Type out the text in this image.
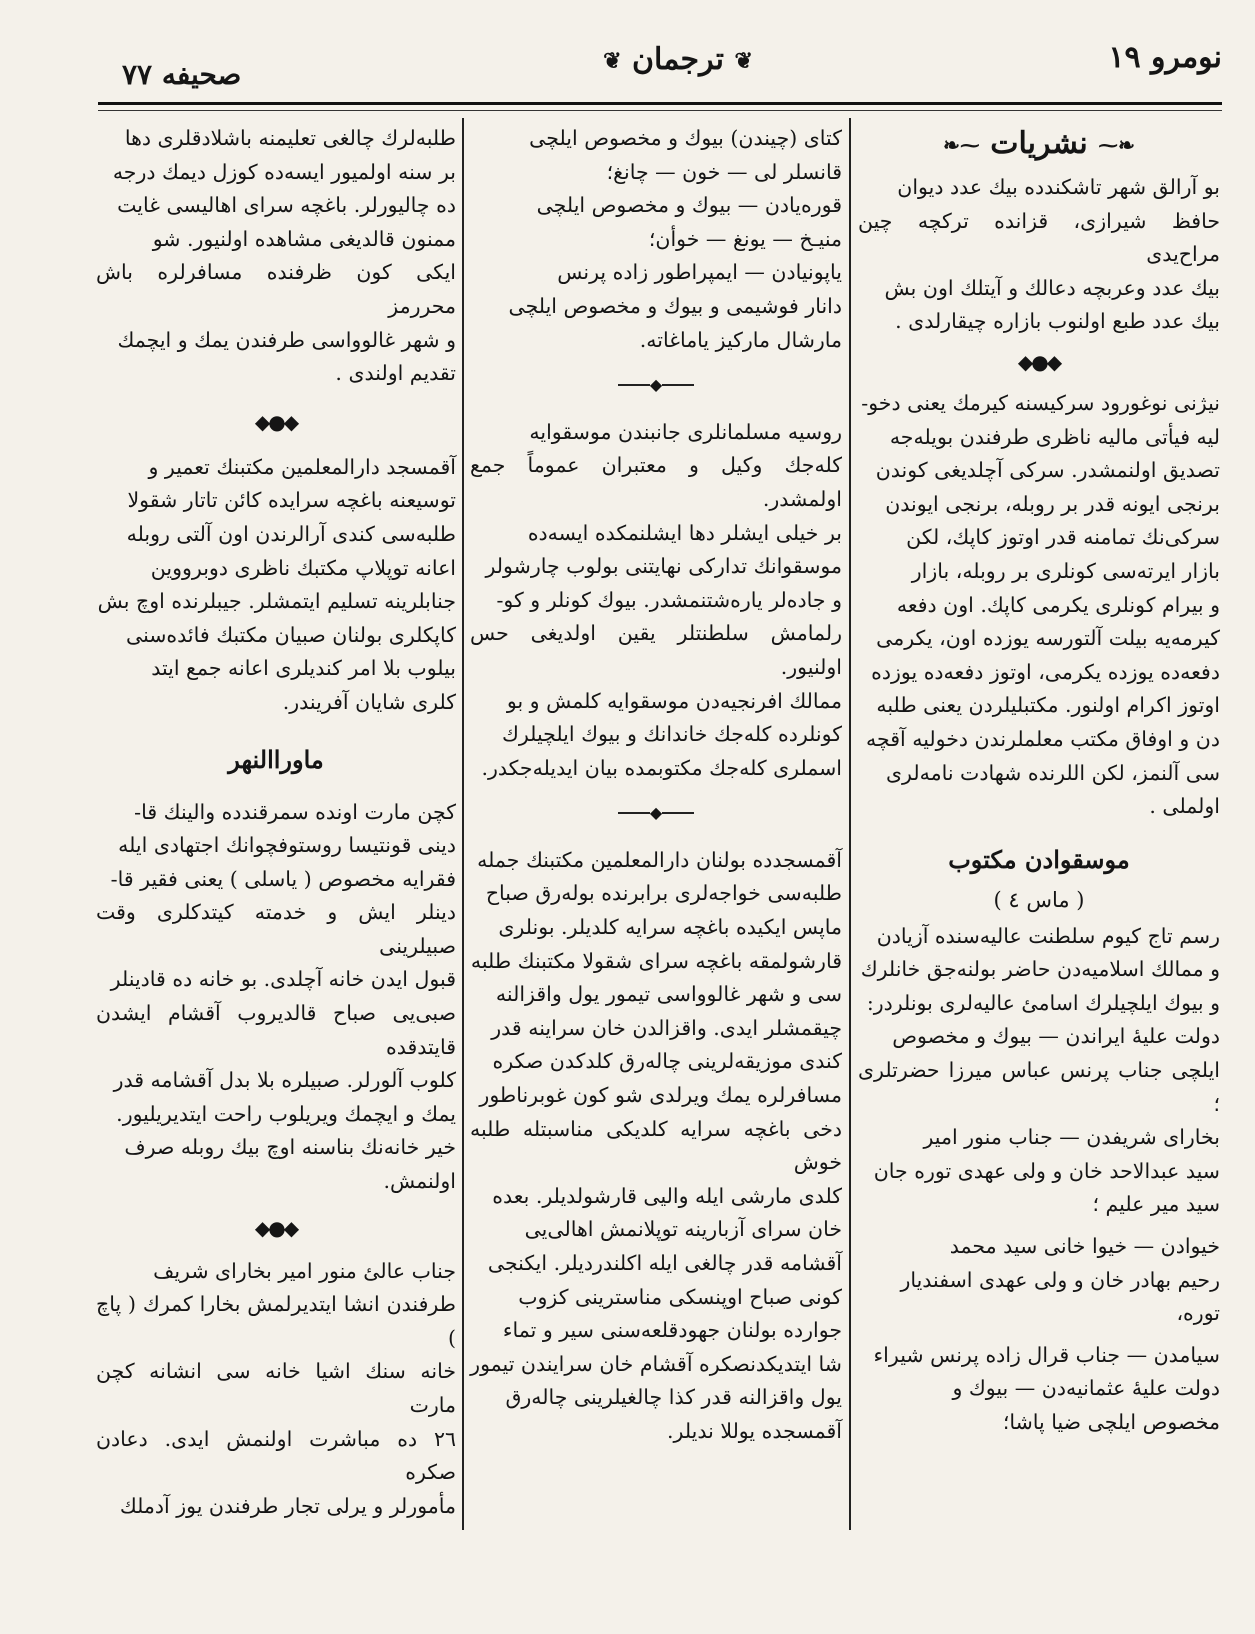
نومرو ١٩
❦ ترجمان ❦
صحيفه ٧٧
❧⁓ نشريات ⁓❧

بو آرالق شهر تاشكندده بيك عدد ديوان
حافظ شيرازى، قزانده تركچه چين مراح‌يدى
بيك عدد وعربچه دعالك و آيتلك اون بش
بيك عدد طبع اولنوب بازاره چيقارلدى .

◆●◆

نيژنى نوغورود سركيسنه كيرمك يعنى دخو-
ليه فيأتى ماليه ناظرى طرفندن بويله‌جه
تصديق اولنمشدر. سركى آچلديغى كوندن
برنجى ايونه قدر بر روبله، برنجى ايوندن
سركى‌نك تمامنه قدر اوتوز كاپك، لكن
بازار ايرته‌سى كونلرى بر روبله، بازار
و بيرام كونلرى يكرمى كاپك. اون دفعه
كيرمه‌يه بيلت آلتورسه يوزده اون، يكرمى
دفعه‌ده يوزده يكرمى، اوتوز دفعه‌ده يوزده
اوتوز اكرام اولنور. مكتبليلردن يعنى طلبه
دن و اوفاق مكتب معلملرندن دخوليه آقچه
سى آلنمز، لكن اللرنده شهادت نامه‌لرى
اولملى .

موسقوادن مكتوب
( ماس ٤ )

رسم تاج كيوم سلطنت عاليه‌سنده آزيادن
و ممالك اسلاميه‌دن حاضر بولنه‌جق خانلرك
و بيوك ايلچيلرك اسامئ عاليه‌لرى بونلردر:
دولت عليهٔ ايراندن — بيوك و مخصوص
ايلچى جناب پرنس عباس ميرزا حضرتلرى ؛
بخاراى شريفدن — جناب منور امير
سيد عبدالاحد خان و ولى عهدى توره جان
سيد مير عليم ؛

خيوادن — خيوا خانى سيد محمد
رحيم بهادر خان و ولى عهدى اسفنديار
توره،

سيامدن — جناب قرال زاده پرنس شيراء
دولت عليهٔ عثمانيه‌دن — بيوك و
مخصوص ايلچى ضيا پاشا؛

كتاى (چيندن) بيوك و مخصوص ايلچى
قانسلر لى — خون — چانغ؛
قوره‌يادن — بيوك و مخصوص ايلچى
منيـخ — يونغ — خوأن؛
ياپونيادن — ايمپراطور زاده پرنس
دانار فوشيمى و بيوك و مخصوص ايلچى
مارشال ماركيز ياماغاته.

◆

روسيه مسلمانلرى جانبندن موسقوايه
كله‌جك وكيل و معتبران عموماً جمع اولمشدر.
بر خيلى ايشلر دها ايشلنمكده ايسه‌ده
موسقوانك تداركى نهايتنى بولوب چارشولر
و جاده‌لر يارەشتنمشدر. بيوك كونلر و كو-
رلمامش سلطنتلر يقين اولديغى حس اولنيور.
ممالك افرنجيه‌دن موسقوايه كلمش و بو
كونلرده كله‌جك خاندانك و بيوك ايلچيلرك
اسملرى كله‌جك مكتوبمده بيان ايديله‌جكدر.

◆

آقمسجدده بولنان دارالمعلمين مكتبنك جمله
طلبه‌سى خواجه‌لرى برابرنده بوله‌رق صباح
ماپس ايكيده باغچه سرايه كلديلر. بونلرى
قارشولمقه باغچه سراى شقولا مكتبنك طلبه
سى و شهر غالوواسى تيمور يول واقزالنه
چيقمشلر ايدى. واقزالدن خان سراينه قدر
كندى موزيقه‌لرينى چاله‌رق كلدكدن صكره
مسافرلره يمك ويرلدى شو كون غوبرناطور
دخى باغچه سرايه كلديكى مناسبتله طلبه خوش
كلدى مارشى ايله واليى قارشولديلر. بعده
خان سراى آزبارينه توپلانمش اهالى‌يى
آقشامه قدر چالغى ايله اكلندرديلر. ايكنجى
كونى صباح اوپنسكى مناسترينى كزوب
جوارده بولنان جهودقلعه‌سنى سير و تماء
شا ايتديكدنصكره آقشام خان سرايندن تيمور
يول واقزالنه قدر كذا چالغيلرينى چاله‌رق
آقمسجده يوللا نديلر.

طلبه‌لرك چالغى تعليمنه باشلادقلرى دها
بر سنه اولميور ايسه‌ده كوزل ديمك درجه‌
ده چاليورلر. باغچه سراى اهاليسى غايت
ممنون قالديغى مشاهده اولنيور. شو
ايكى كون ظرفنده مسافرلره باش محررمز
و شهر غالوواسى طرفندن يمك و ايچمك
تقديم اولندى .

◆●◆

آقمسجد دارالمعلمين مكتبنك تعمير و
توسيعنه باغچه سرايده كائن تاتار شقولا
طلبه‌سى كندى آرالرندن اون آلتى روبله
اعانه توپلاپ مكتبك ناظرى دوبرووين
جنابلرينه تسليم ايتمشلر. جيبلرنده اوچ بش
كاپكلرى بولنان صبيان مكتبك فائده‌سنى
بيلوب بلا امر كنديلرى اعانه جمع ايتد
كلرى شايان آفريندر.

ماوراالنهر

كچن مارت اونده سمرقندده والينك قا-
دينى قونتيسا روستوفچوانك اجتهادى ايله
فقرايه مخصوص ( ياسلى ) يعنى فقير قا-
دينلر ايش و خدمته كيتدكلرى وقت صبيلرينى
قبول ايدن خانه آچلدى. بو خانه ده قادينلر
صبى‌يى صباح قالديروب آقشام ايشدن قايتدقده
كلوب آلورلر. صبيلره بلا بدل آقشامه قدر
يمك و ايچمك ويريلوب راحت ايتديريليور.
خير خانه‌نك بناسنه اوچ بيك روبله صرف
اولنمش.

◆●◆

جناب عالئ منور امير بخاراى شريف
طرفندن انشا ايتديرلمش بخارا كمرك ( پاچ )
خانه سنك اشيا خانه سى انشانه كچن مارت
٢٦ ده مباشرت اولنمش ايدى. دعادن صكره
مأمورلر و يرلى تجار طرفندن يوز آدملك
